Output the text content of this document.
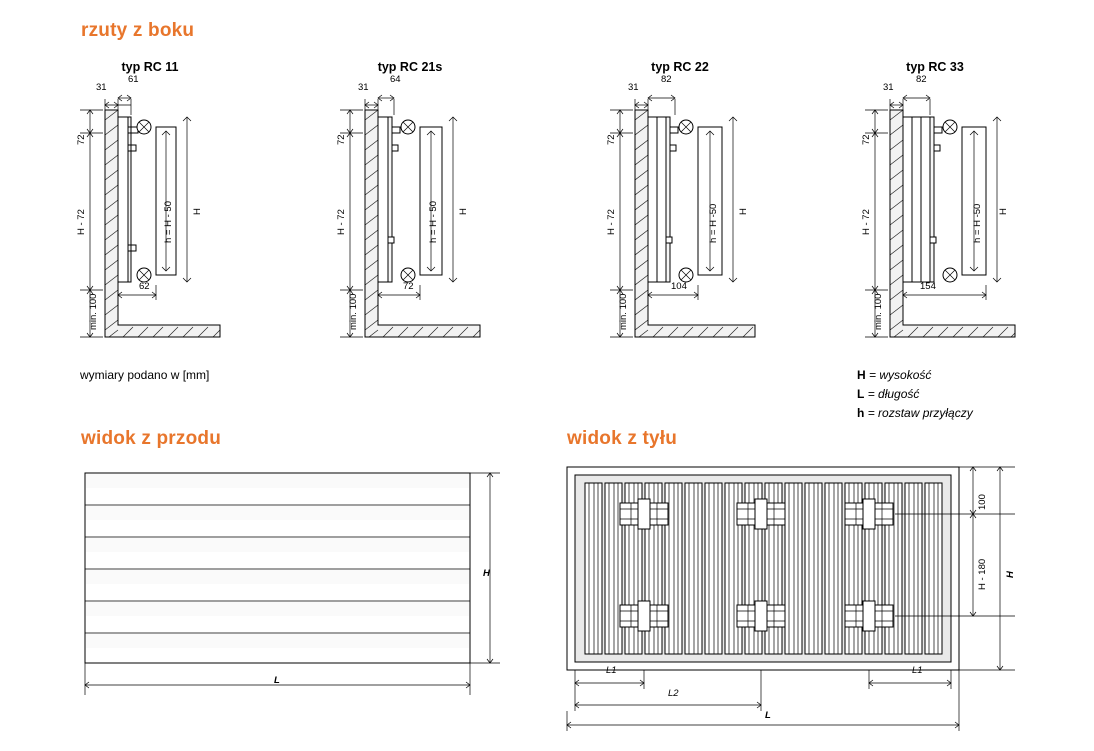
rzuty z boku
typ RC 11
31
61
72
H - 72
min. 100
h = H - 50 H
62
typ RC 21s
31
64
72
H - 72
min. 100
h = H - 50 H
72
typ RC 22
31
82
72
H - 72
min. 100
h = H -50 H
104
typ RC 33
31
82
72
H - 72
min. 100
h = H -50 H
154
wymiary podano w [mm]	H = wysokość
L = długość
h = rozstaw przyłączy
widok z przodu
H
L
widok z tyłu
100
H - 180 H
L1	L1
L2
L
